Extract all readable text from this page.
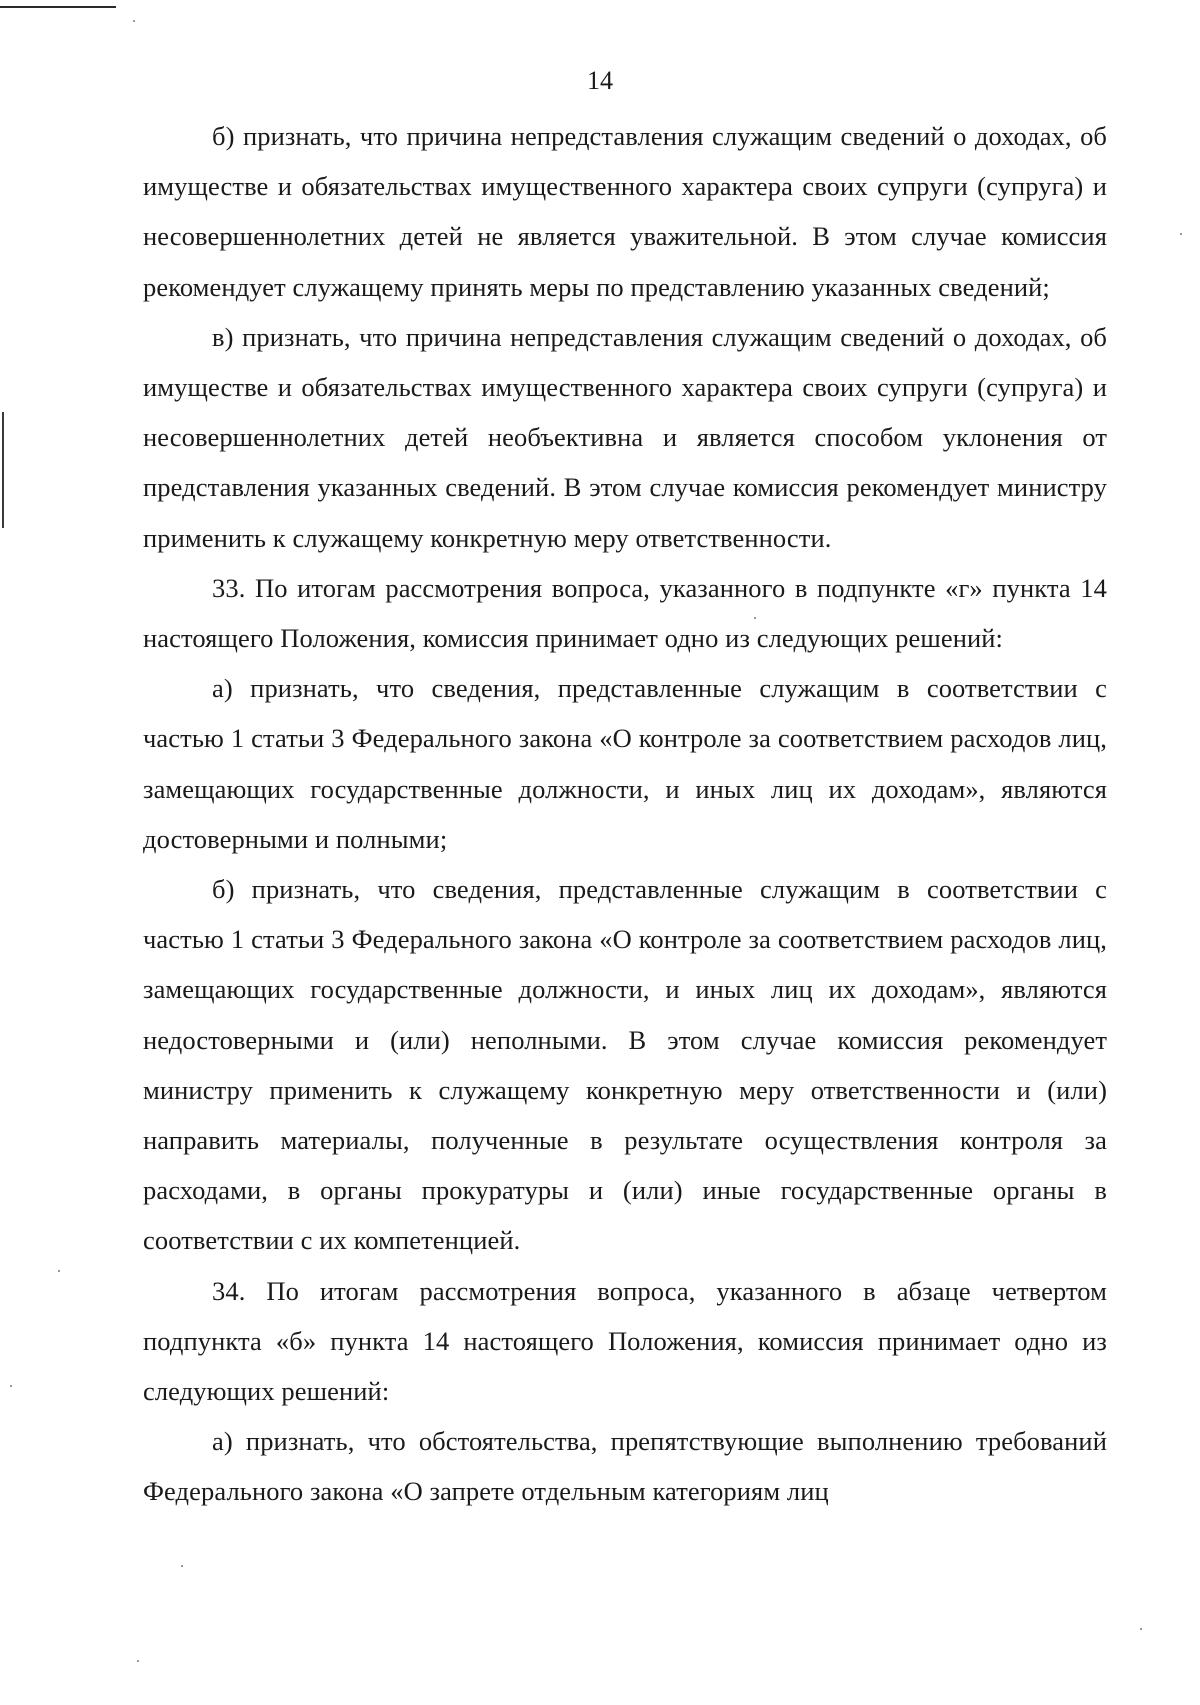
14

б) признать, что причина непредставления служащим сведений о доходах, об имуществе и обязательствах имущественного характера своих супруги (супруга) и несовершеннолетних детей не является уважительной. В этом случае комиссия рекомендует служащему принять меры по представлению указанных сведений;

в) признать, что причина непредставления служащим сведений о доходах, об имуществе и обязательствах имущественного характера своих супруги (супруга) и несовершеннолетних детей необъективна и является способом уклонения от представления указанных сведений. В этом случае комиссия рекомендует министру применить к служащему конкретную меру ответственности.

33. По итогам рассмотрения вопроса, указанного в подпункте «г» пункта 14 настоящего Положения, комиссия принимает одно из следующих решений:

а) признать, что сведения, представленные служащим в соответствии с частью 1 статьи 3 Федерального закона «О контроле за соответствием расходов лиц, замещающих государственные должности, и иных лиц их доходам», являются достоверными и полными;

б) признать, что сведения, представленные служащим в соответствии с частью 1 статьи 3 Федерального закона «О контроле за соответствием расходов лиц, замещающих государственные должности, и иных лиц их доходам», являются недостоверными и (или) неполными. В этом случае комиссия рекомендует министру применить к служащему конкретную меру ответственности и (или) направить материалы, полученные в результате осуществления контроля за расходами, в органы прокуратуры и (или) иные государственные органы в соответствии с их компетенцией.

34. По итогам рассмотрения вопроса, указанного в абзаце четвертом подпункта «б» пункта 14 настоящего Положения, комиссия принимает одно из следующих решений:

а) признать, что обстоятельства, препятствующие выполнению требований Федерального закона «О запрете отдельным категориям лиц
